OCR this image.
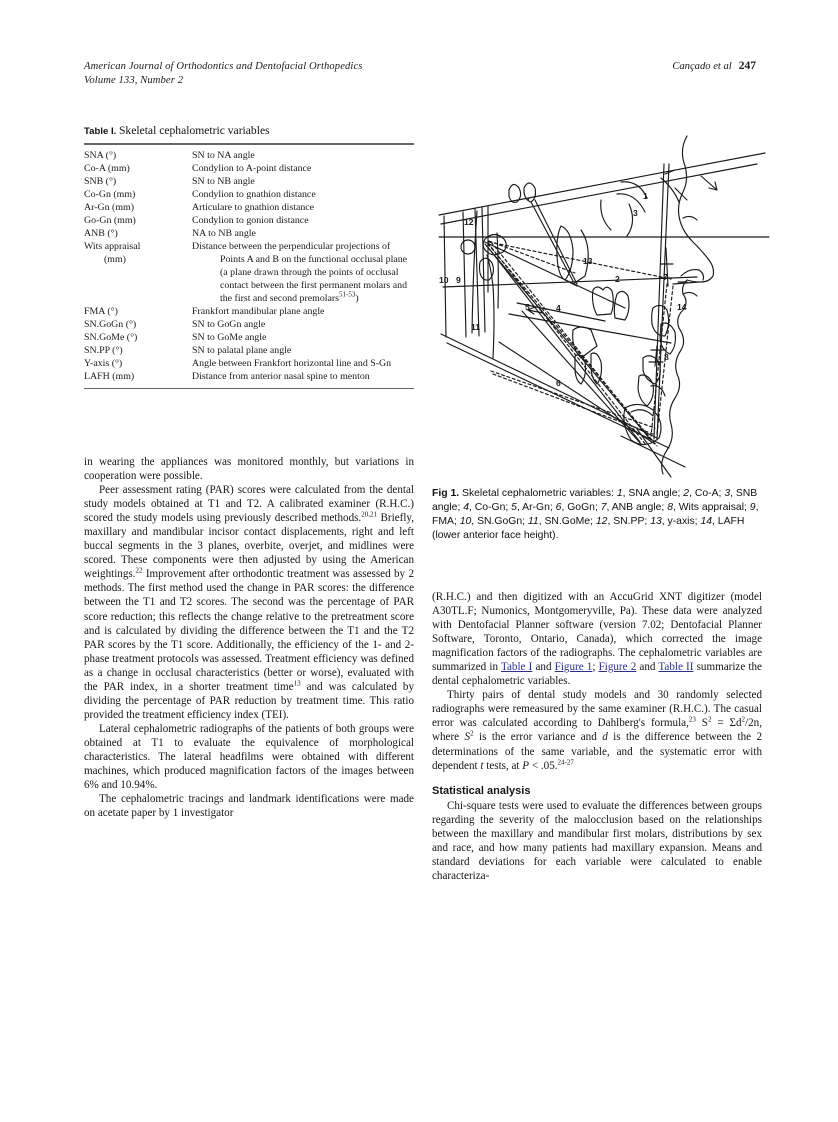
American Journal of Orthodontics and Dentofacial Orthopedics
Volume 133, Number 2
Cançado et al 247
Table I. Skeletal cephalometric variables
SNA (°)	SN to NA angle
Co-A (mm)	Condylion to A-point distance
SNB (°)	SN to NB angle
Co-Gn (mm)	Condylion to gnathion distance
Ar-Gn (mm)	Articulare to gnathion distance
Go-Gn (mm)	Condylion to gonion distance
ANB (°)	NA to NB angle
Wits appraisal	Distance between the perpendicular projections of
(mm)	Points A and B on the functional occlusal plane
	(a plane drawn through the points of occlusal
	contact between the first permanent molars and
	the first and second premolars$^{51-53}$)
FMA (°)	Frankfort mandibular plane angle
SN.GoGn (°)	SN to GoGn angle
SN.GoMe (°)	SN to GoMe angle
SN.PP (°)	SN to palatal plane angle
Y-axis (°)	Angle between Frankfort horizontal line and S-Gn
LAFH (mm)	Distance from anterior nasal spine to menton
1
2
3
4
5
6
7
8
9
10
11
12
13
14
Fig 1. Skeletal cephalometric variables: 1, SNA angle; 2, Co-A; 3, SNB angle; 4, Co-Gn; 5, Ar-Gn; 6, GoGn; 7, ANB angle; 8, Wits appraisal; 9, FMA; 10, SN.GoGn; 11, SN.GoMe; 12, SN.PP; 13, y-axis; 14, LAFH (lower anterior face height).

in wearing the appliances was monitored monthly, but variations in cooperation were possible.

Peer assessment rating (PAR) scores were calculated from the dental study models obtained at T1 and T2. A calibrated examiner (R.H.C.) scored the study models using previously described methods.$^{20,21}$ Briefly, maxillary and mandibular incisor contact displacements, right and left buccal segments in the 3 planes, overbite, overjet, and midlines were scored. These components were then adjusted by using the American weightings.$^{22}$ Improvement after orthodontic treatment was assessed by 2 methods. The first method used the change in PAR scores: the difference between the T1 and T2 scores. The second was the percentage of PAR score reduction; this reflects the change relative to the pretreatment score and is calculated by dividing the difference between the T1 and the T2 PAR scores by the T1 score. Additionally, the efficiency of the 1- and 2-phase treatment protocols was assessed. Treatment efficiency was defined as a change in occlusal characteristics (better or worse), evaluated with the PAR index, in a shorter treatment time$^{13}$ and was calculated by dividing the percentage of PAR reduction by treatment time. This ratio provided the treatment efficiency index (TEI).

Lateral cephalometric radiographs of the patients of both groups were obtained at T1 to evaluate the equivalence of morphological characteristics. The lateral headfilms were obtained with different machines, which produced magnification factors of the images between 6% and 10.94%.

The cephalometric tracings and landmark identifications were made on acetate paper by 1 investigator

(R.H.C.) and then digitized with an AccuGrid XNT digitizer (model A30TL.F; Numonics, Montgomeryville, Pa). These data were analyzed with Dentofacial Planner software (version 7.02; Dentofacial Planner Software, Toronto, Ontario, Canada), which corrected the image magnification factors of the radiographs. The cephalometric variables are summarized in Table I and Figure 1; Figure 2 and Table II summarize the dental cephalometric variables.

Thirty pairs of dental study models and 30 randomly selected radiographs were remeasured by the same examiner (R.H.C.). The casual error was calculated according to Dahlberg's formula,$^{23}$ $S^2 = \Sigma d^2/2n$, where $S^2$ is the error variance and d is the difference between the 2 determinations of the same variable, and the systematic error with dependent t tests, at P < .05.$^{24-27}$

Statistical analysis

Chi-square tests were used to evaluate the differences between groups regarding the severity of the malocclusion based on the relationships between the maxillary and mandibular first molars, distributions by sex and race, and how many patients had maxillary expansion. Means and standard deviations for each variable were calculated to enable characteriza-
